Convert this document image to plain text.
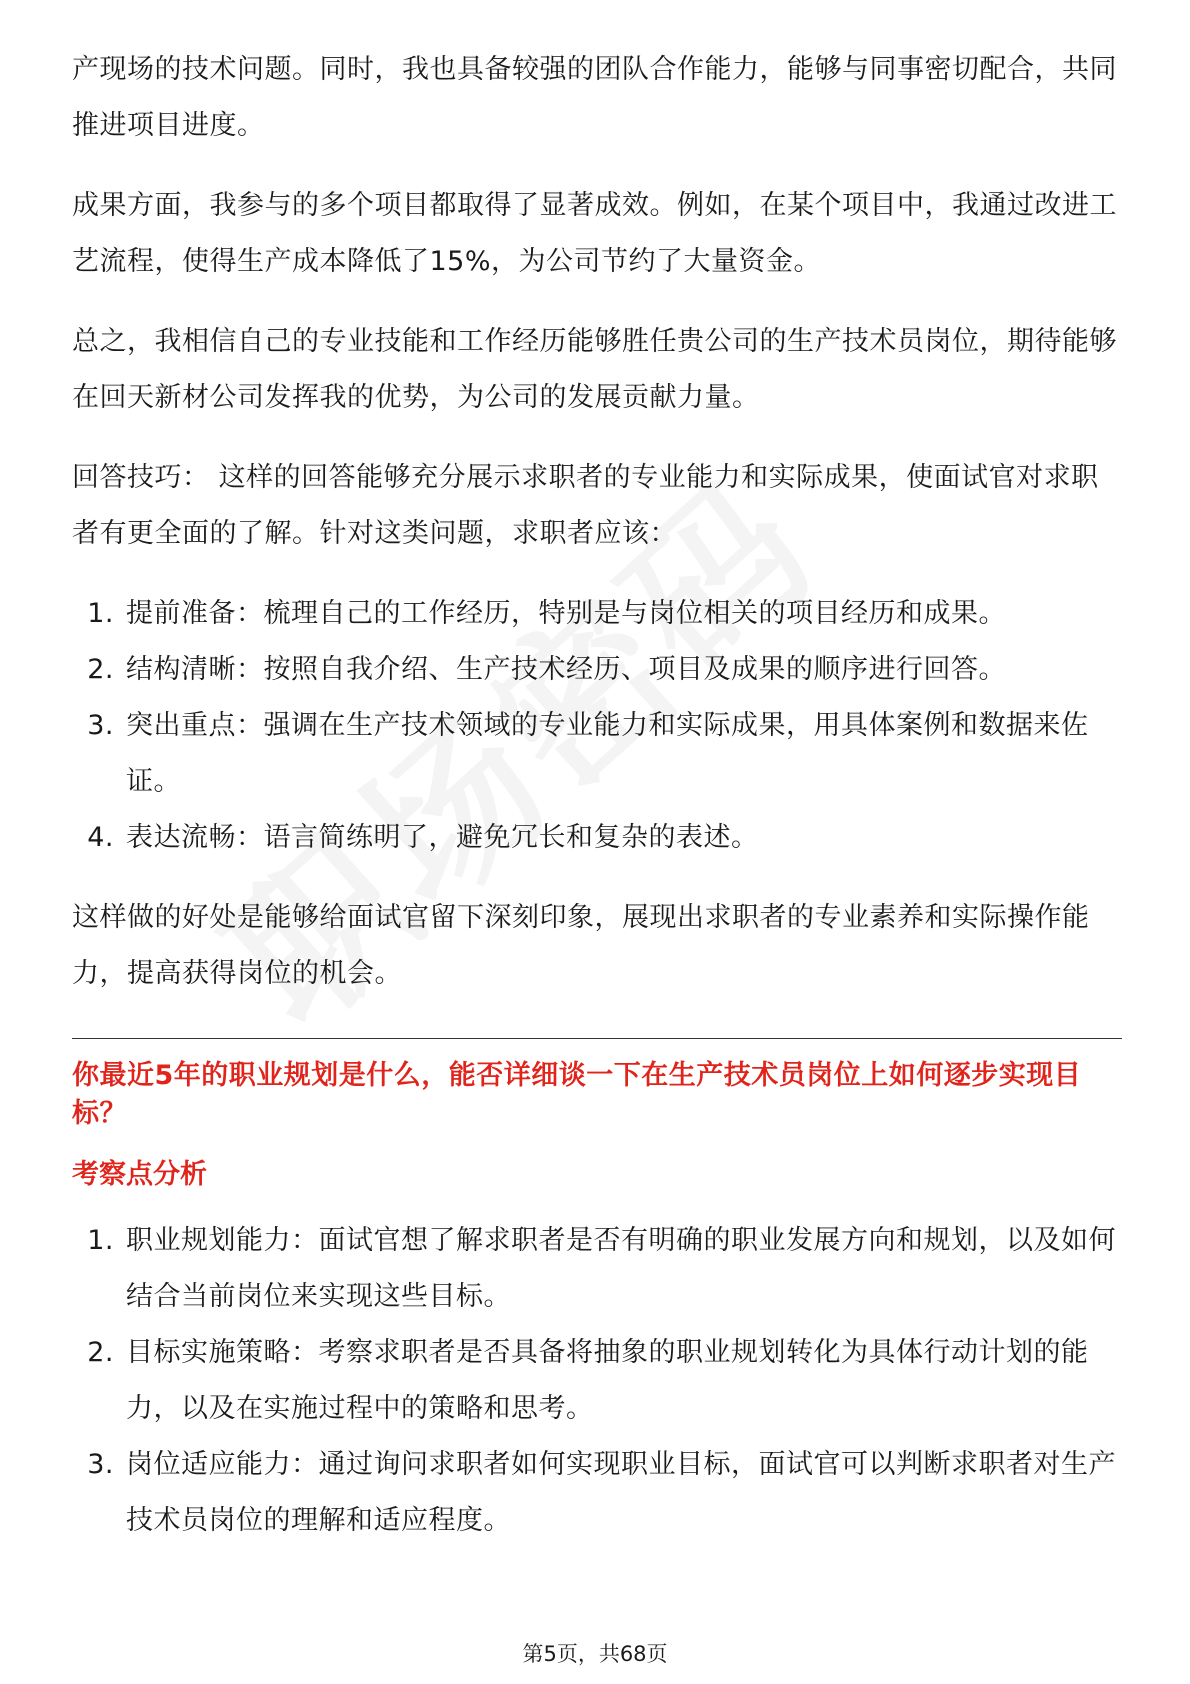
产现场的技术问题。同时，我也具备较强的团队合作能力，能够与同事密切配合，共同推进项目进度。

成果方面，我参与的多个项目都取得了显著成效。例如，在某个项目中，我通过改进工艺流程，使得生产成本降低了15%，为公司节约了大量资金。

总之，我相信自己的专业技能和工作经历能够胜任贵公司的生产技术员岗位，期待能够在回天新材公司发挥我的优势，为公司的发展贡献力量。

回答技巧： 这样的回答能够充分展示求职者的专业能力和实际成果，使面试官对求职者有更全面的了解。针对这类问题，求职者应该：

1. 提前准备：梳理自己的工作经历，特别是与岗位相关的项目经历和成果。
2. 结构清晰：按照自我介绍、生产技术经历、项目及成果的顺序进行回答。
3. 突出重点：强调在生产技术领域的专业能力和实际成果，用具体案例和数据来佐证。
4. 表达流畅：语言简练明了，避免冗长和复杂的表述。

这样做的好处是能够给面试官留下深刻印象，展现出求职者的专业素养和实际操作能力，提高获得岗位的机会。

你最近5年的职业规划是什么，能否详细谈一下在生产技术员岗位上如何逐步实现目标？
考察点分析
1. 职业规划能力：面试官想了解求职者是否有明确的职业发展方向和规划，以及如何结合当前岗位来实现这些目标。
2. 目标实施策略：考察求职者是否具备将抽象的职业规划转化为具体行动计划的能力，以及在实施过程中的策略和思考。
3. 岗位适应能力：通过询问求职者如何实现职业目标，面试官可以判断求职者对生产技术员岗位的理解和适应程度。
第5页，共68页
